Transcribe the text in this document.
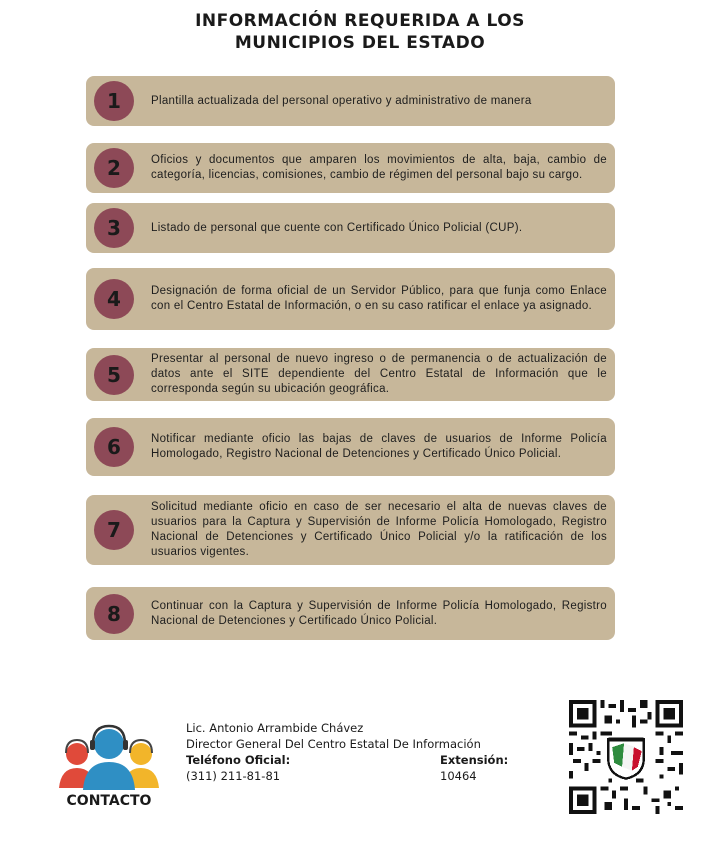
INFORMACIÓN REQUERIDA A LOS
MUNICIPIOS DEL ESTADO
1	Plantilla actualizada del personal operativo y administrativo de manera
2	Oficios y documentos que amparen los movimientos de alta, baja, cambio de categoría, licencias, comisiones, cambio de régimen del personal bajo su cargo.
3	Listado de personal que cuente con Certificado Único Policial (CUP).
4	Designación de forma oficial de un Servidor Público, para que funja como Enlace con el Centro Estatal de Información, o en su caso ratificar el enlace ya asignado.
5
Presentar al personal de nuevo ingreso o de permanencia o de actualización de datos ante el SITE dependiente del Centro Estatal de Información que le corresponda según su ubicación geográfica.
6	Notificar mediante oficio las bajas de claves de usuarios de Informe Policía Homologado, Registro Nacional de Detenciones y Certificado Único Policial.
7
Solicitud mediante oficio en caso de ser necesario el alta de nuevas claves de usuarios para la Captura y Supervisión de Informe Policía Homologado, Registro Nacional de Detenciones y Certificado Único Policial y/o la ratificación de los usuarios vigentes.
8	Continuar con la Captura y Supervisión de Informe Policía Homologado, Registro Nacional de Detenciones y Certificado Único Policial.
CONTACTO
Lic. Antonio Arrambide Chávez
Director General Del Centro Estatal De Información
Teléfono Oficial:
(311) 211-81-81
Extensión:
10464
